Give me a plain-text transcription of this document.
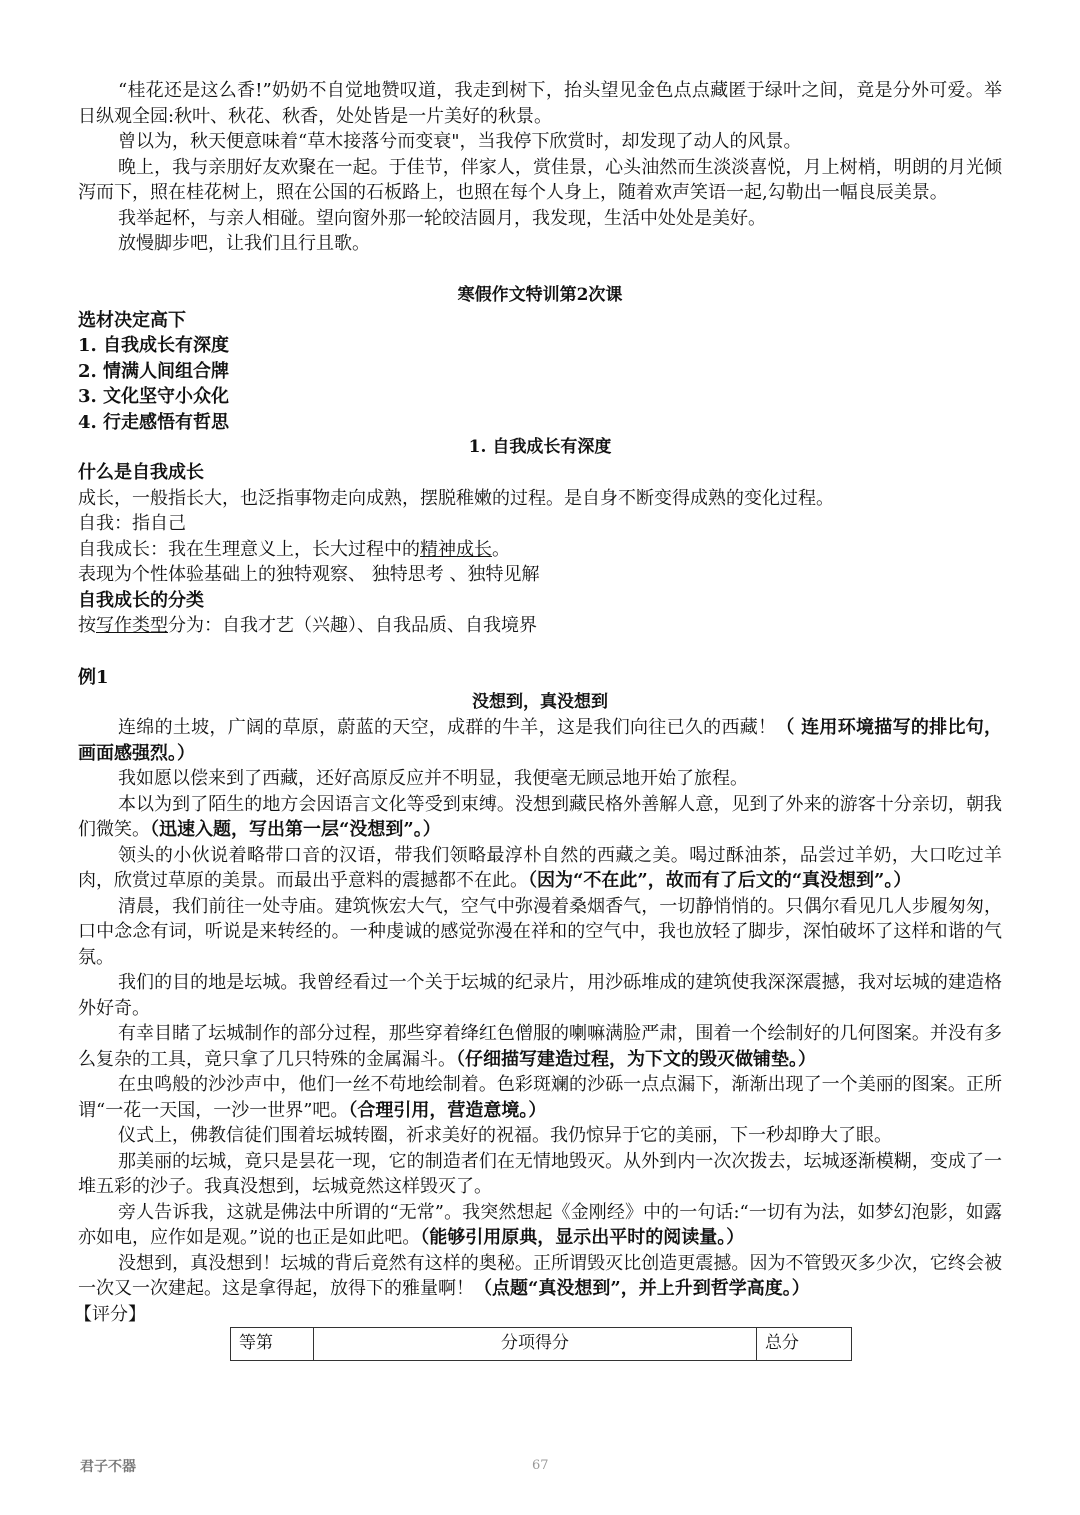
“桂花还是这么香!”奶奶不自觉地赞叹道，我走到树下，抬头望见金色点点藏匿于绿叶之间，竟是分外可爱。举日纵观全园:秋叶、秋花、秋香，处处皆是一片美好的秋景。

曾以为，秋天便意味着“草木接落兮而变衰"，当我停下欣赏时，却发现了动人的风景。

晚上，我与亲朋好友欢聚在一起。于佳节，伴家人，赏佳景，心头油然而生淡淡喜悦，月上树梢，明朗的月光倾泻而下，照在桂花树上，照在公国的石板路上，也照在每个人身上，随着欢声笑语一起,勾勒出一幅良辰美景。

我举起杯，与亲人相碰。望向窗外那一轮皎洁圆月，我发现，生活中处处是美好。

放慢脚步吧，让我们且行且歌。

寒假作文特训第2次课

选材决定高下

1. 自我成长有深度

2. 情满人间组合牌

3. 文化坚守小众化

4. 行走感悟有哲思

1. 自我成长有深度

什么是自我成长

成长，一般指长大，也泛指事物走向成熟，摆脱稚嫩的过程。是自身不断变得成熟的变化过程。

自我：指自己

自我成长：我在生理意义上，长大过程中的精神成长。

表现为个性体验基础上的独特观察、 独特思考 、独特见解

自我成长的分类

按写作类型分为：自我才艺（兴趣）、自我品质、自我境界

例1

没想到，真没想到

连绵的土坡，广阔的草原，蔚蓝的天空，成群的牛羊，这是我们向往已久的西藏！（ 连用环境描写的排比句，画面感强烈。）

我如愿以偿来到了西藏，还好高原反应并不明显，我便毫无顾忌地开始了旅程。

本以为到了陌生的地方会因语言文化等受到束缚。没想到藏民格外善解人意，见到了外来的游客十分亲切，朝我们微笑。（迅速入题，写出第一层“没想到”。）

领头的小伙说着略带口音的汉语，带我们领略最淳朴自然的西藏之美。喝过酥油茶，品尝过羊奶，大口吃过羊肉，欣赏过草原的美景。而最出乎意料的震撼都不在此。（因为“不在此”，故而有了后文的“真没想到”。）

清晨，我们前往一处寺庙。建筑恢宏大气，空气中弥漫着桑烟香气，一切静悄悄的。只偶尔看见几人步履匆匆，口中念念有词，听说是来转经的。一种虔诚的感觉弥漫在祥和的空气中，我也放轻了脚步，深怕破坏了这样和谐的气氛。

我们的目的地是坛城。我曾经看过一个关于坛城的纪录片，用沙砾堆成的建筑使我深深震撼，我对坛城的建造格外好奇。

有幸目睹了坛城制作的部分过程，那些穿着绛红色僧服的喇嘛满脸严肃，围着一个绘制好的几何图案。并没有多么复杂的工具，竟只拿了几只特殊的金属漏斗。（仔细描写建造过程，为下文的毁灭做铺垫。）

在虫鸣般的沙沙声中，他们一丝不苟地绘制着。色彩斑斓的沙砾一点点漏下，渐渐出现了一个美丽的图案。正所谓“一花一天国，一沙一世界”吧。（合理引用，营造意境。）

仪式上，佛教信徒们围着坛城转圈，祈求美好的祝福。我仍惊异于它的美丽，下一秒却睁大了眼。

那美丽的坛城，竟只是昙花一现，它的制造者们在无情地毁灭。从外到内一次次拨去，坛城逐渐模糊，变成了一堆五彩的沙子。我真没想到，坛城竟然这样毁灭了。

旁人告诉我，这就是佛法中所谓的“无常”。我突然想起《金刚经》中的一句话:“一切有为法，如梦幻泡影，如露亦如电，应作如是观。”说的也正是如此吧。（能够引用原典，显示出平时的阅读量。）

没想到，真没想到！坛城的背后竟然有这样的奥秘。正所谓毁灭比创造更震撼。因为不管毁灭多少次，它终会被一次又一次建起。这是拿得起，放得下的雅量啊！（点题“真没想到”，并上升到哲学高度。）

【评分】

等第	分项得分	总分
君子不器	67
